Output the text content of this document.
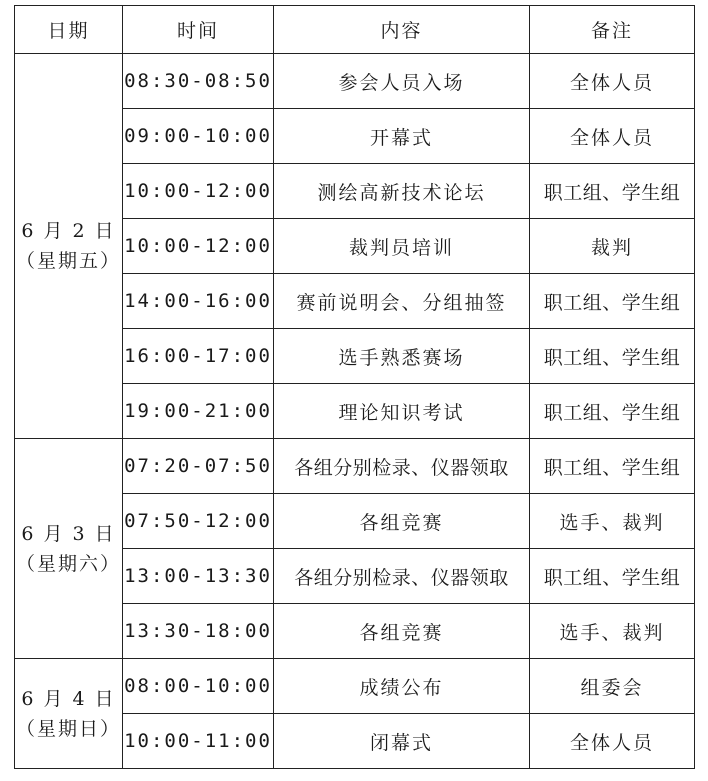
日期	时间	内容	备注

6 月 2 日
（星期五）	08:30-08:50	参会人员入场	全体人员
	09:00-10:00	开幕式	全体人员
	10:00-12:00	测绘高新技术论坛	职工组、学生组
	10:00-12:00	裁判员培训	裁判
	14:00-16:00	赛前说明会、分组抽签	职工组、学生组
	16:00-17:00	选手熟悉赛场	职工组、学生组
	19:00-21:00	理论知识考试	职工组、学生组

6 月 3 日
（星期六）	07:20-07:50	各组分别检录、仪器领取	职工组、学生组
	07:50-12:00	各组竞赛	选手、裁判
	13:00-13:30	各组分别检录、仪器领取	职工组、学生组
	13:30-18:00	各组竞赛	选手、裁判

6 月 4 日
（星期日）	08:00-10:00	成绩公布	组委会
	10:00-11:00	闭幕式	全体人员
